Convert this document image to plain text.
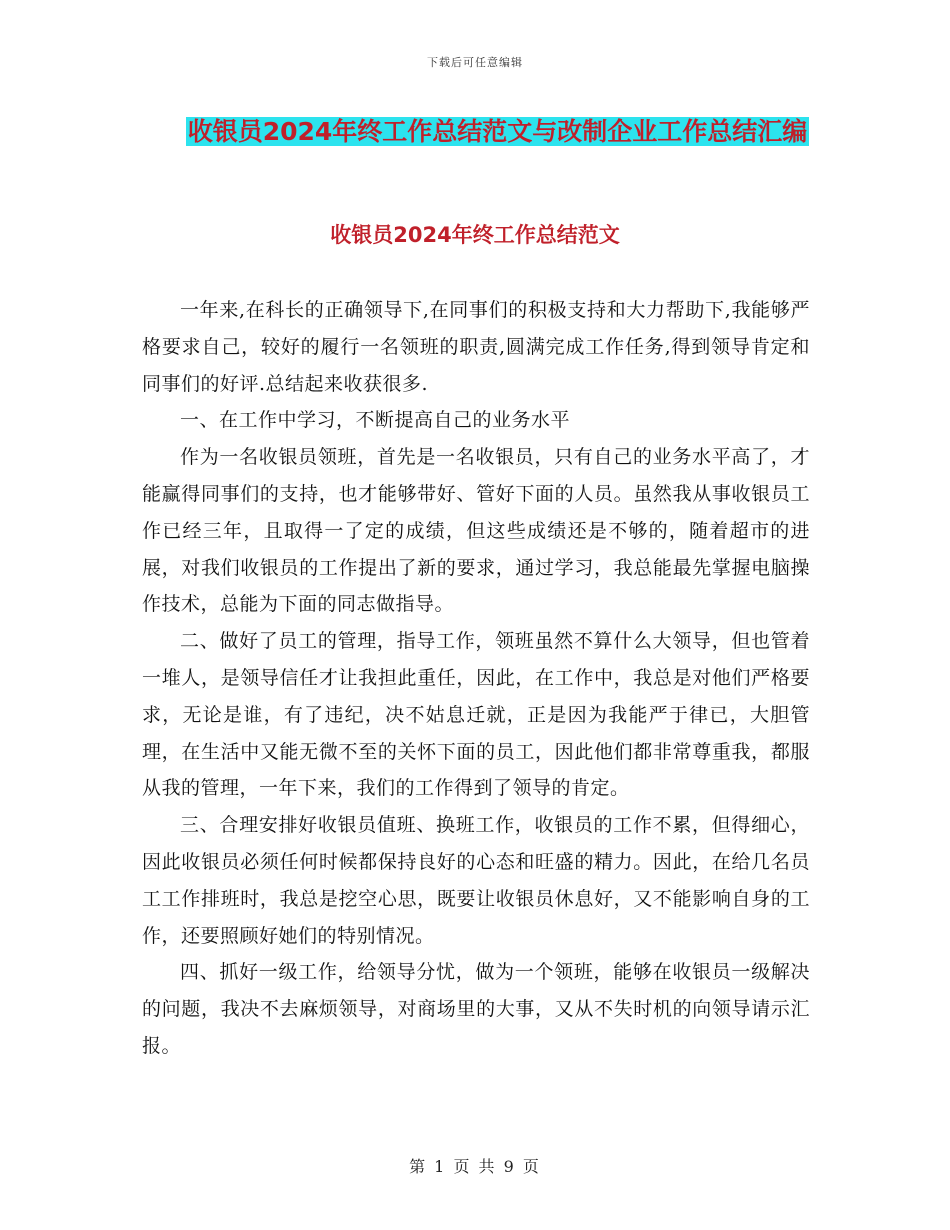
下载后可任意编辑
收银员2024年终工作总结范文与改制企业工作总结汇编
收银员2024年终工作总结范文

一年来,在科长的正确领导下,在同事们的积极支持和大力帮助下,我能够严格要求自己，较好的履行一名领班的职责,圆满完成工作任务,得到领导肯定和同事们的好评.总结起来收获很多.

一、在工作中学习，不断提高自己的业务水平

作为一名收银员领班，首先是一名收银员，只有自己的业务水平高了，才能赢得同事们的支持，也才能够带好、管好下面的人员。虽然我从事收银员工作已经三年，且取得一了定的成绩，但这些成绩还是不够的，随着超市的进展，对我们收银员的工作提出了新的要求，通过学习，我总能最先掌握电脑操作技术，总能为下面的同志做指导。

二、做好了员工的管理，指导工作，领班虽然不算什么大领导，但也管着一堆人，是领导信任才让我担此重任，因此，在工作中，我总是对他们严格要求，无论是谁，有了违纪，决不姑息迁就，正是因为我能严于律已，大胆管理，在生活中又能无微不至的关怀下面的员工，因此他们都非常尊重我，都服从我的管理，一年下来，我们的工作得到了领导的肯定。

三、合理安排好收银员值班、换班工作，收银员的工作不累，但得细心，因此收银员必须任何时候都保持良好的心态和旺盛的精力。因此，在给几名员工工作排班时，我总是挖空心思，既要让收银员休息好，又不能影响自身的工作，还要照顾好她们的特别情况。

四、抓好一级工作，给领导分忧，做为一个领班，能够在收银员一级解决的问题，我决不去麻烦领导，对商场里的大事，又从不失时机的向领导请示汇报。

第 1 页 共 9 页
